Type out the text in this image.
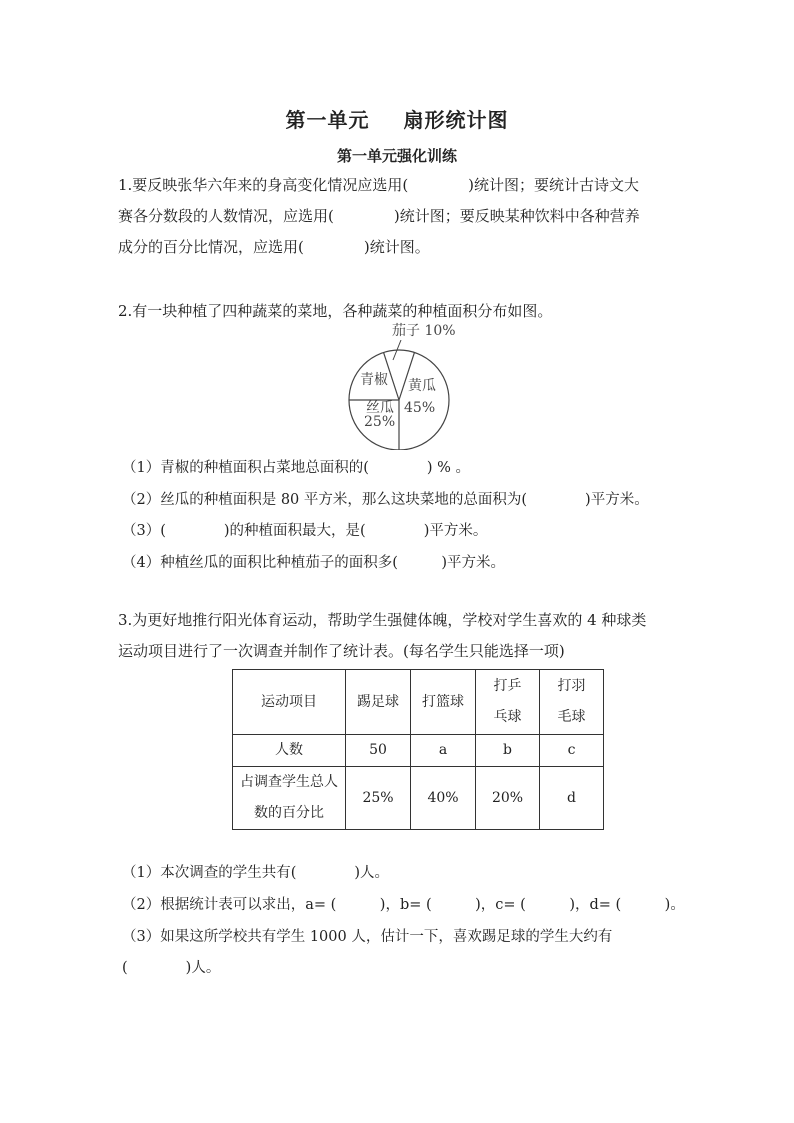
第一单元 扇形统计图
第一单元强化训练
1.要反映张华六年来的身高变化情况应选用(　　　　)统计图；要统计古诗文大
赛各分数段的人数情况，应选用(　　　　)统计图；要反映某种饮料中各种营养
成分的百分比情况，应选用(　　　　)统计图。
2.有一块种植了四种蔬菜的菜地，各种蔬菜的种植面积分布如图。
黄瓜 45%
丝瓜 25%
青椒
茄子 10%
（1）青椒的种植面积占菜地总面积的(　　　　) % 。
（2）丝瓜的种植面积是 80 平方米，那么这块菜地的总面积为(　　　　)平方米。
（3）(　　　　)的种植面积最大，是(　　　　)平方米。
（4）种植丝瓜的面积比种植茄子的面积多(　　　)平方米。
3.为更好地推行阳光体育运动，帮助学生强健体魄，学校对学生喜欢的 4 种球类
运动项目进行了一次调查并制作了统计表。(每名学生只能选择一项)
运动项目	踢足球	打篮球	打乒乓球	打羽毛球
人数	50	a	b	c
占调查学生总人数的百分比	25%	40%	20%	d
（1）本次调查的学生共有(　　　　)人。
（2）根据统计表可以求出，a= (　　　)，b= (　　　)，c= (　　　)，d= (　　　)。
（3）如果这所学校共有学生 1000 人，估计一下，喜欢踢足球的学生大约有
(　　　　)人。
